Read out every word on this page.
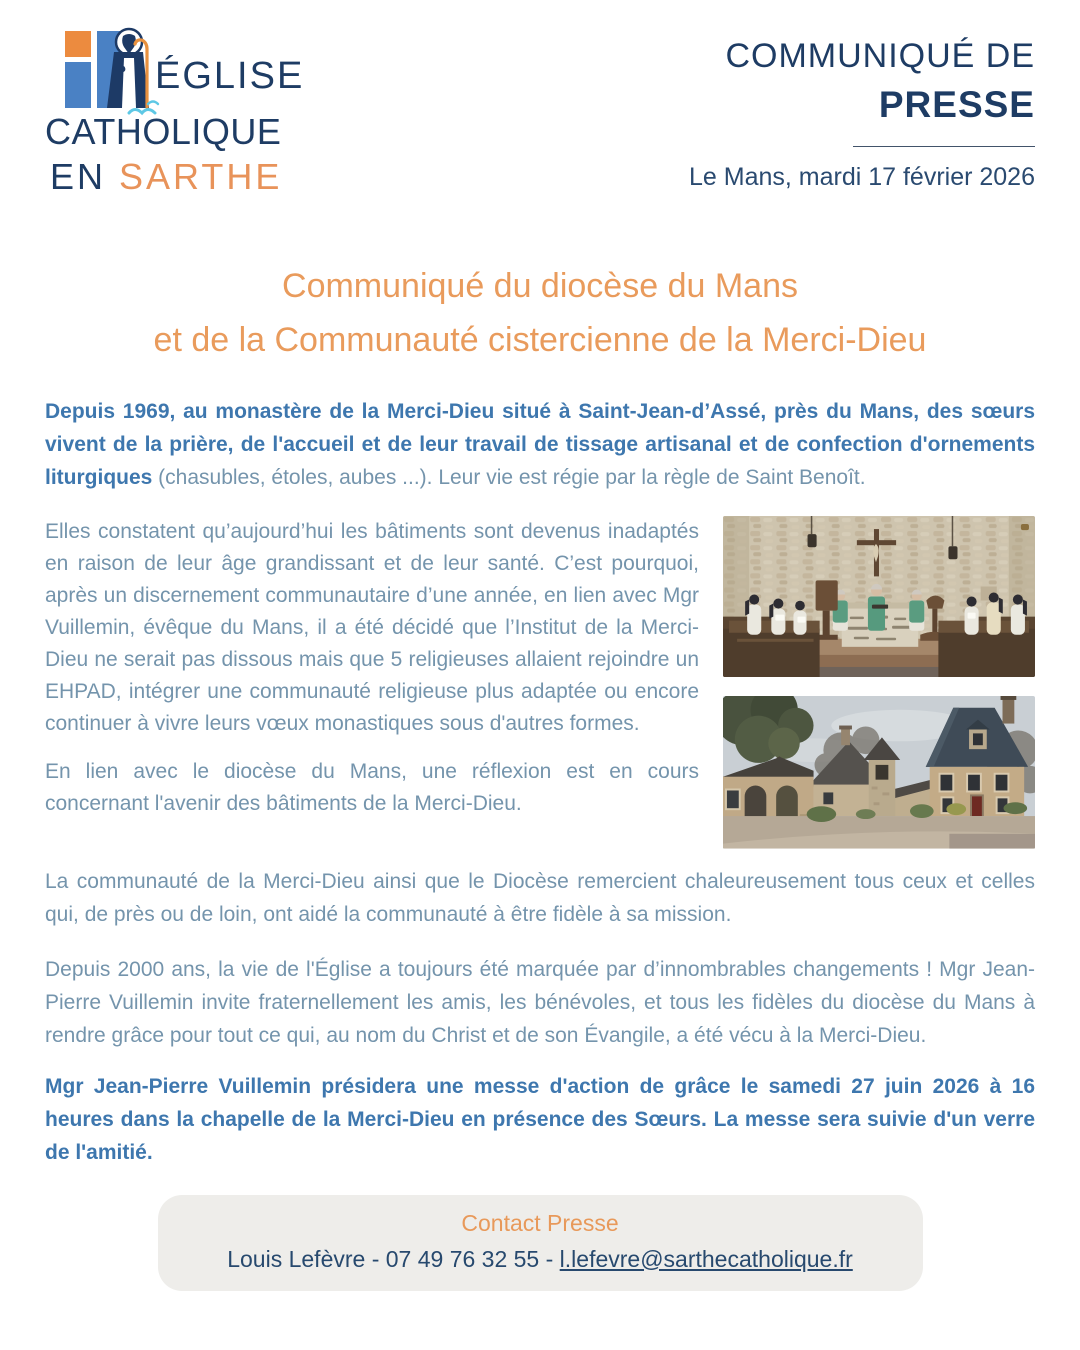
ÉGLISE
CATHOLIQUE
EN SARTHE
COMMUNIQUÉ DE
PRESSE
Le Mans, mardi 17 février 2026
Communiqué du diocèse du Mans
et de la Communauté cistercienne de la Merci-Dieu

Depuis 1969, au monastère de la Merci-Dieu situé à Saint-Jean-d’Assé, près du Mans, des sœurs vivent de la prière, de l'accueil et de leur travail de tissage artisanal et de confection d'ornements liturgiques (chasubles, étoles, aubes ...). Leur vie est régie par la règle de Saint Benoît.

Elles constatent qu’aujourd’hui les bâtiments sont devenus inadaptés en raison de leur âge grandissant et de leur santé. C’est pourquoi, après un discernement communautaire d’une année, en lien avec Mgr Vuillemin, évêque du Mans, il a été décidé que l’Institut de la Merci-Dieu ne serait pas dissous mais que 5 religieuses allaient rejoindre un EHPAD, intégrer une communauté religieuse plus adaptée ou encore continuer à vivre leurs vœux monastiques sous d'autres formes.

En lien avec le diocèse du Mans, une réflexion est en cours concernant l'avenir des bâtiments de la Merci-Dieu.

La communauté de la Merci-Dieu ainsi que le Diocèse remercient chaleureusement tous ceux et celles qui, de près ou de loin, ont aidé la communauté à être fidèle à sa mission.

Depuis 2000 ans, la vie de l'Église a toujours été marquée par d’innombrables changements ! Mgr Jean-Pierre Vuillemin invite fraternellement les amis, les bénévoles, et tous les fidèles du diocèse du Mans à rendre grâce pour tout ce qui, au nom du Christ et de son Évangile, a été vécu à la Merci-Dieu.

Mgr Jean-Pierre Vuillemin présidera une messe d'action de grâce le samedi 27 juin 2026 à 16 heures dans la chapelle de la Merci-Dieu en présence des Sœurs. La messe sera suivie d'un verre de l'amitié.

Contact Presse
Louis Lefèvre - 07 49 76 32 55 - l.lefevre@sarthecatholique.fr
